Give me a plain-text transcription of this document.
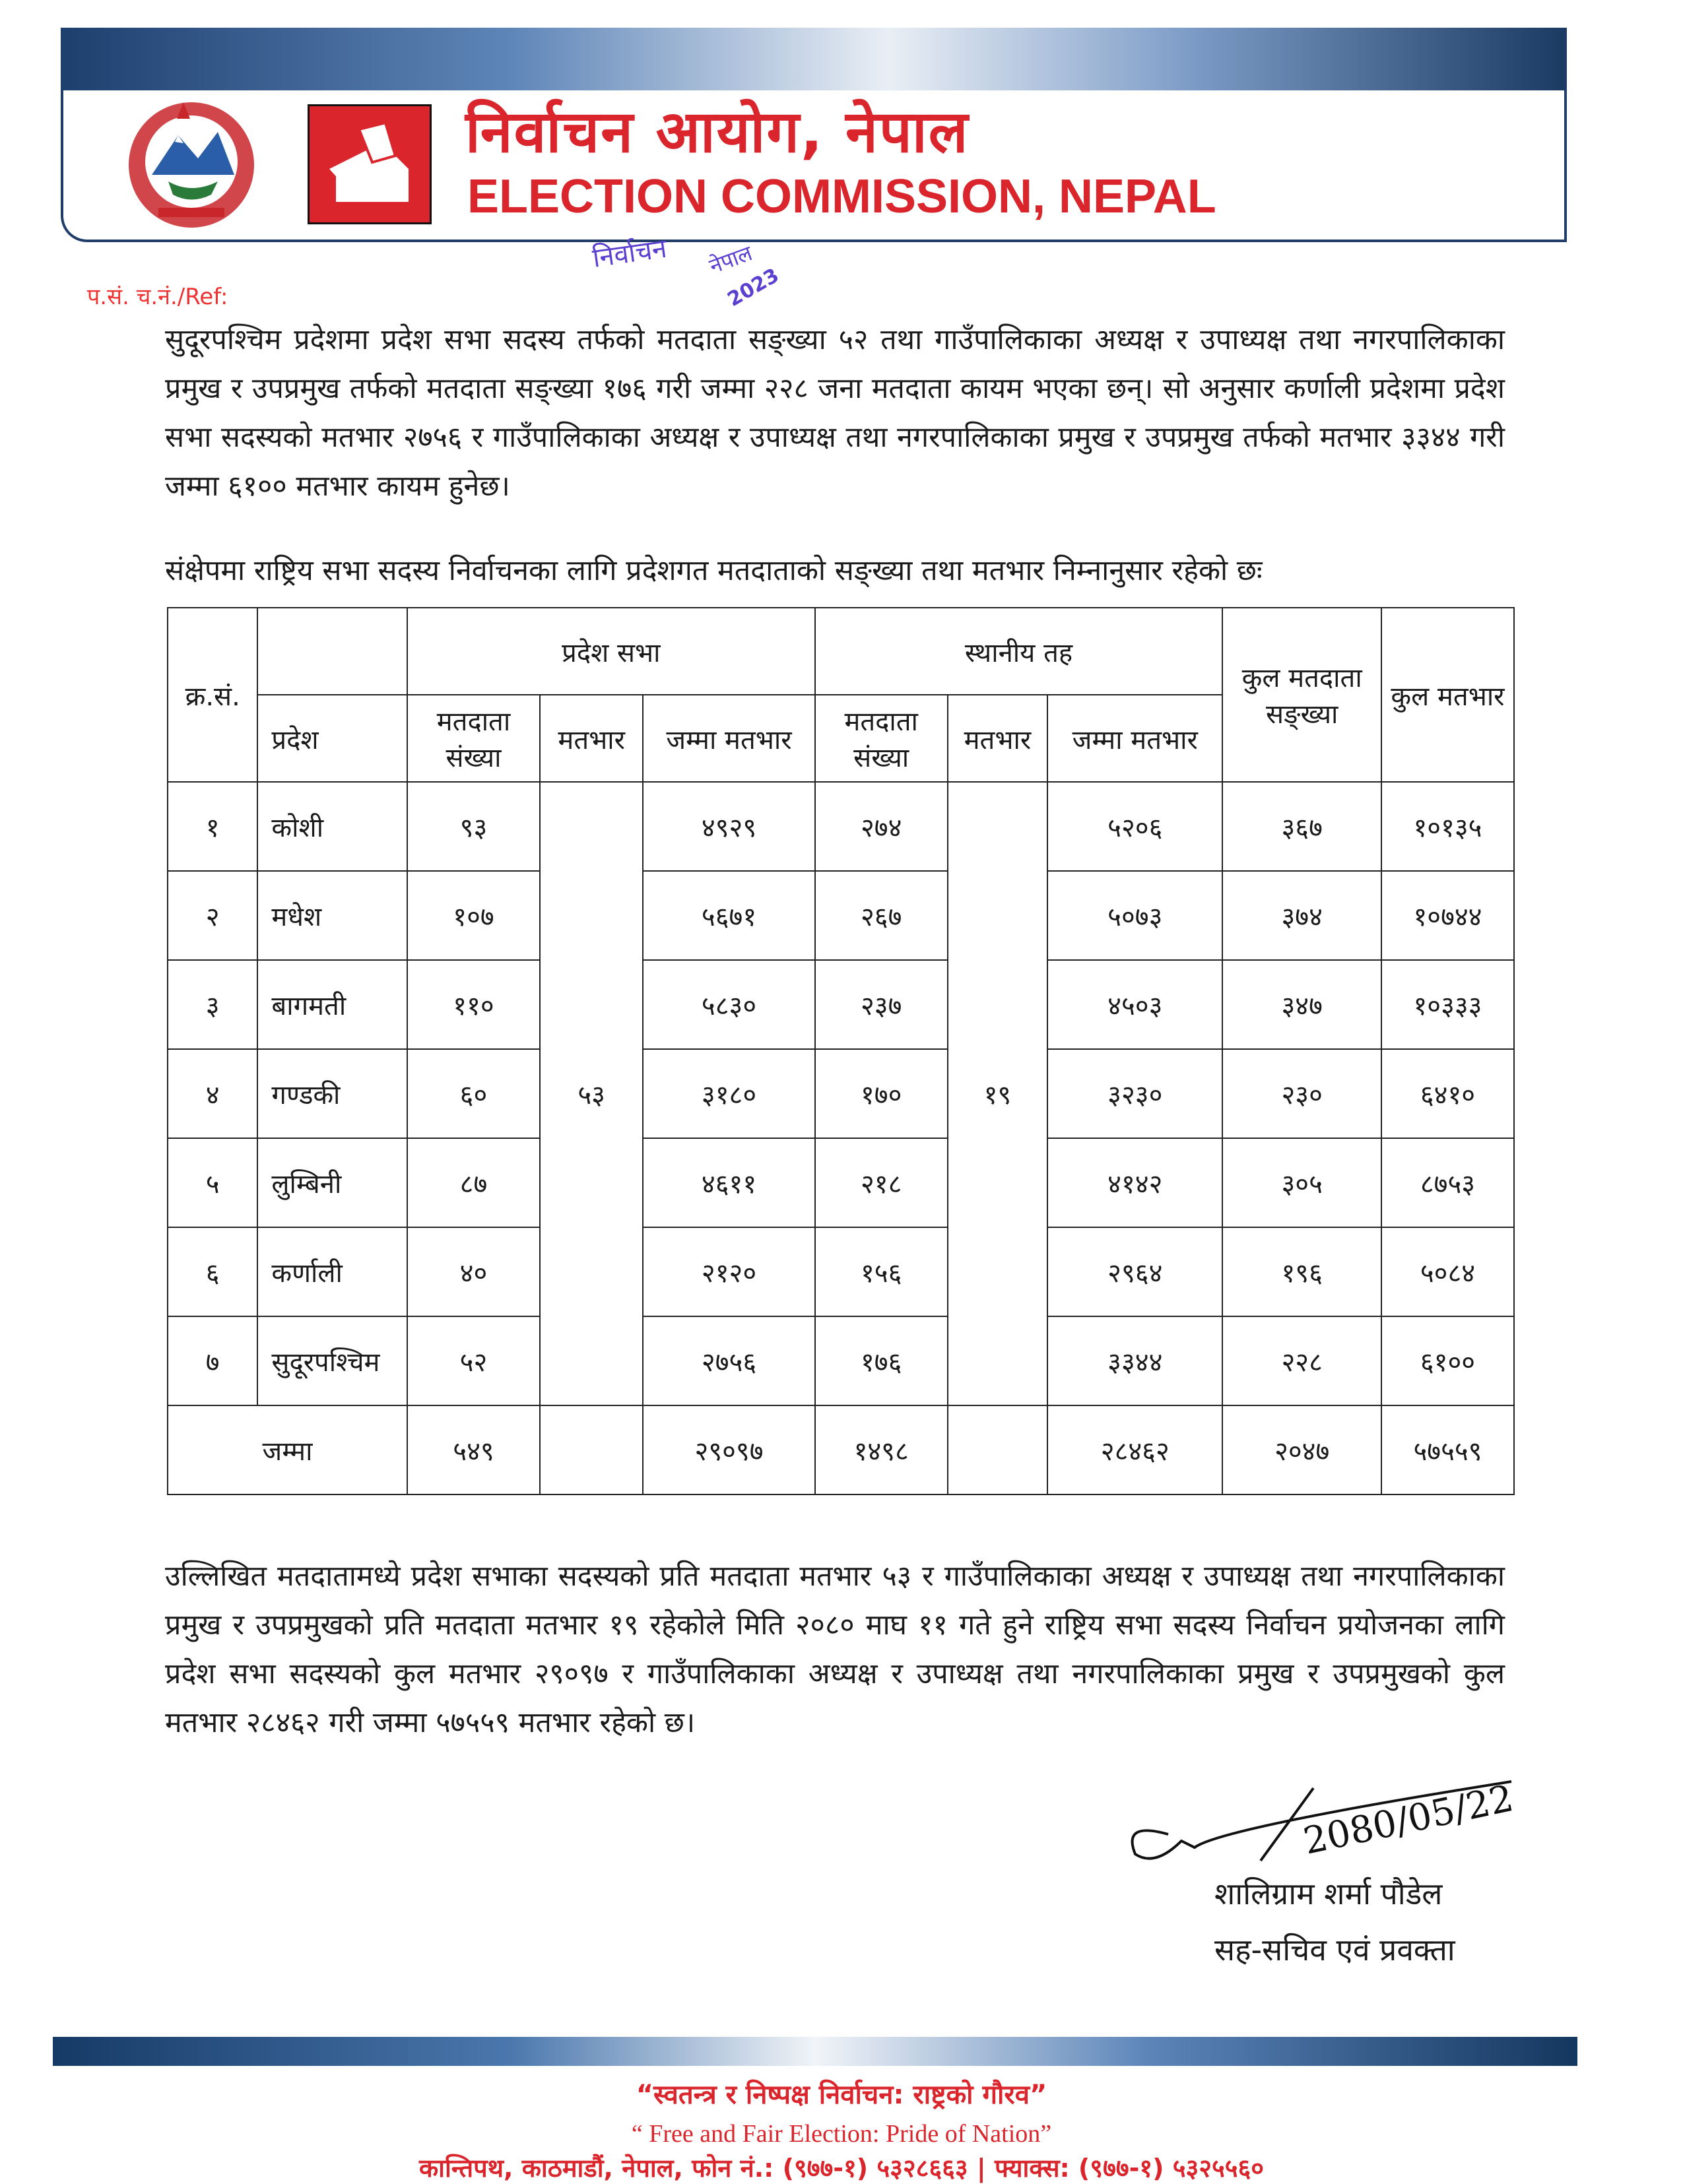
निर्वाचन आयोग, नेपाल
ELECTION COMMISSION, NEPAL
निर्वाचन नेपाल
2023
प.सं. च.नं./Ref:
सुदूरपश्चिम प्रदेशमा प्रदेश सभा सदस्य तर्फको मतदाता सङ्ख्या ५२ तथा गाउँपालिकाका अध्यक्ष र उपाध्यक्ष तथा नगरपालिकाका प्रमुख र उपप्रमुख तर्फको मतदाता सङ्ख्या १७६ गरी जम्मा २२८ जना मतदाता कायम भएका छन्। सो अनुसार कर्णाली प्रदेशमा प्रदेश सभा सदस्यको मतभार २७५६ र गाउँपालिकाका अध्यक्ष र उपाध्यक्ष तथा नगरपालिकाका प्रमुख र उपप्रमुख तर्फको मतभार ३३४४ गरी जम्मा ६१०० मतभार कायम हुनेछ।
संक्षेपमा राष्ट्रिय सभा सदस्य निर्वाचनका लागि प्रदेशगत मतदाताको सङ्ख्या तथा मतभार निम्नानुसार रहेको छः
क्र.सं.		प्रदेश सभा			स्थानीय तह			कुल मतदाता सङ्ख्या	कुल मतभार
	प्रदेश	मतदाता संख्या	मतभार	जम्मा मतभार	मतदाता संख्या	मतभार	जम्मा मतभार		
१	कोशी	९३	५३	४९२९	२७४	१९	५२०६	३६७	१०१३५
२	मधेश	१०७		५६७१	२६७		५०७३	३७४	१०७४४
३	बागमती	११०		५८३०	२३७		४५०३	३४७	१०३३३
४	गण्डकी	६०		३१८०	१७०		३२३०	२३०	६४१०
५	लुम्बिनी	८७		४६११	२१८		४१४२	३०५	८७५३
६	कर्णाली	४०		२१२०	१५६		२९६४	१९६	५०८४
७	सुदूरपश्चिम	५२		२७५६	१७६		३३४४	२२८	६१००
जम्मा		५४९		२९०९७	१४९८		२८४६२	२०४७	५७५५९
उल्लिखित मतदातामध्ये प्रदेश सभाका सदस्यको प्रति मतदाता मतभार ५३ र गाउँपालिकाका अध्यक्ष र उपाध्यक्ष तथा नगरपालिकाका प्रमुख र उपप्रमुखको प्रति मतदाता मतभार १९ रहेकोले मिति २०८० माघ ११ गते हुने राष्ट्रिय सभा सदस्य निर्वाचन प्रयोजनका लागि प्रदेश सभा सदस्यको कुल मतभार २९०९७ र गाउँपालिकाका अध्यक्ष र उपाध्यक्ष तथा नगरपालिकाका प्रमुख र उपप्रमुखको कुल मतभार २८४६२ गरी जम्मा ५७५५९ मतभार रहेको छ।
2080/05/22
शालिग्राम शर्मा पौडेल
सह-सचिव एवं प्रवक्ता
“स्वतन्त्र र निष्पक्ष निर्वाचन: राष्ट्रको गौरव”
“ Free and Fair Election: Pride of Nation”
कान्तिपथ, काठमाडौं, नेपाल, फोन नं.: (९७७-१) ५३२८६६३ | फ्याक्स: (९७७-१) ५३२५५६०
